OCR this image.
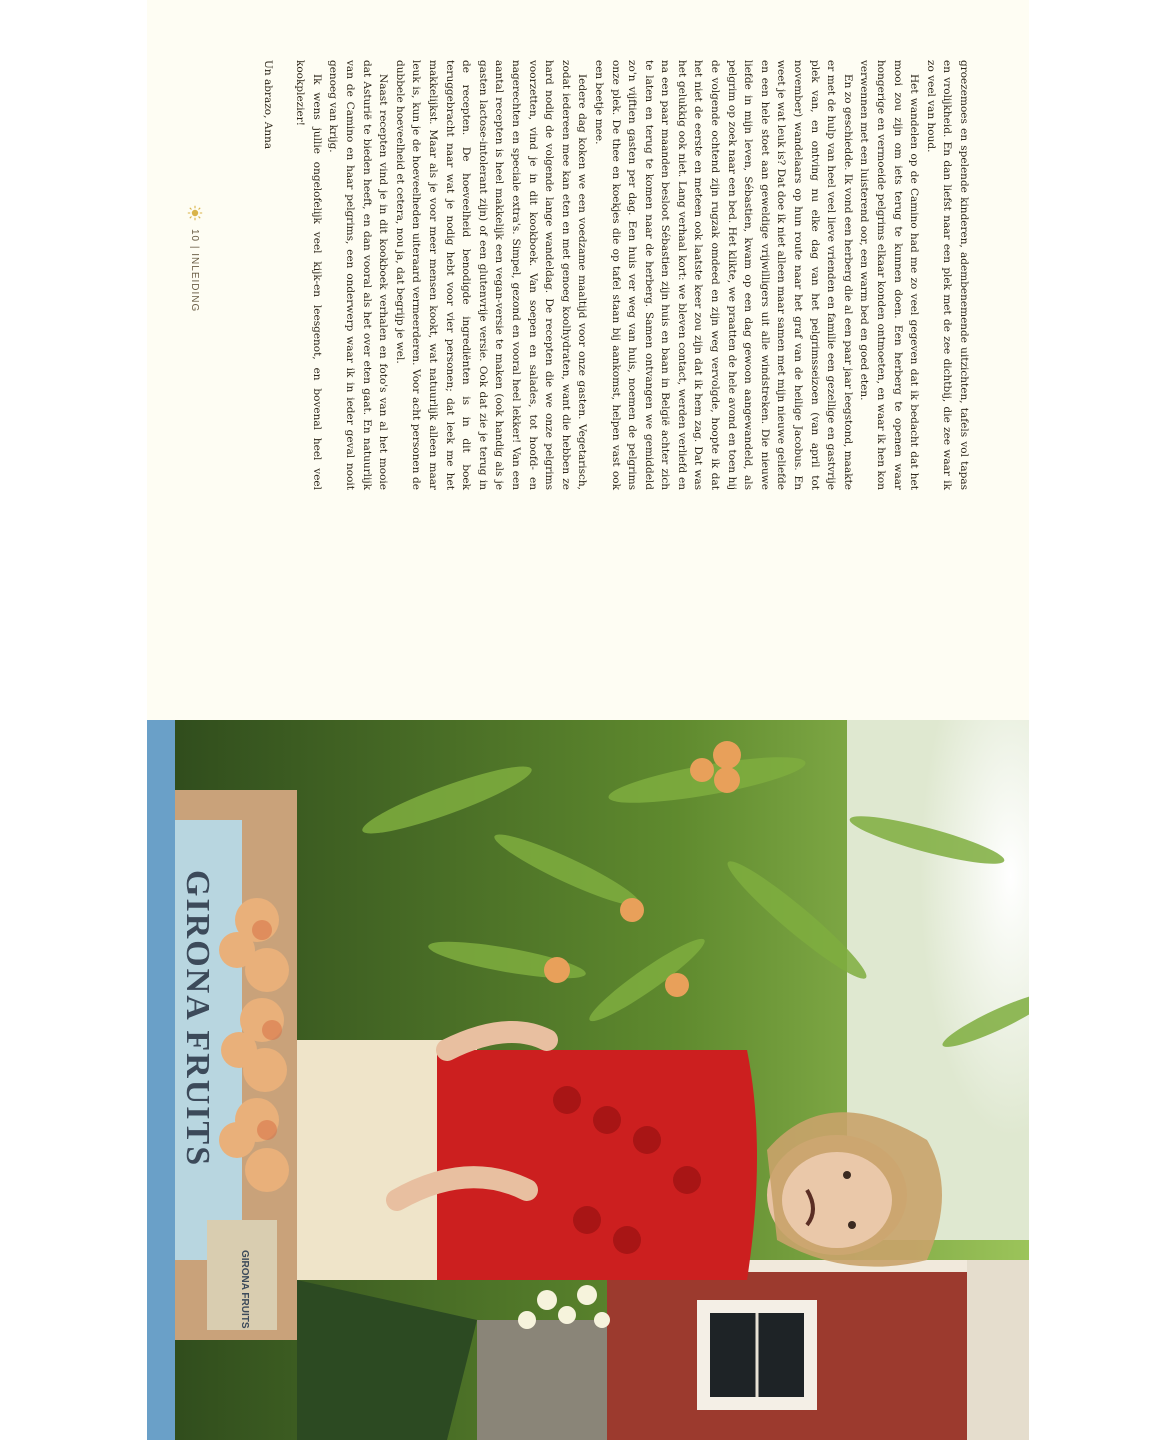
groezemoes en spelende kinderen, adembenemende uitzichten, tafels vol tapas en vrolijkheid. En dan liefst naar een plek met de zee dichtbij, die zee waar ik zo veel van houd.

Het wandelen op de Camino had me zo veel gegeven dat ik bedacht dat het mooi zou zijn om iets terug te kunnen doen. Een herberg te openen waar hongerige en vermoeide pelgrims elkaar konden ontmoeten, en waar ik hen kon verwennen met een luisterend oor, een warm bed en goed eten.

En zo geschiedde. Ik vond een herberg die al een paar jaar leegstond, maakte er met de hulp van heel veel lieve vrienden en familie een gezellige en gastvrije plek van, en ontving nu elke dag van het pelgrimsseizoen (van april tot november) wandelaars op hun route naar het graf van de heilige Jacobus. En weet je wat leuk is? Dat doe ik niet alleen maar samen met mijn nieuwe geliefde en een hele stoet aan geweldige vrijwilligers uit alle windstreken. Die nieuwe liefde in mijn leven, Sébastien, kwam op een dag gewoon aangewandeld, als pelgrim op zoek naar een bed. Het klikte, we praatten de hele avond en toen hij de volgende ochtend zijn rugzak omdeed en zijn weg vervolgde, hoopte ik dat het niet de eerste en meteen ook laatste keer zou zijn dat ik hem zag. Dat was het gelukkig ook niet. Lang verhaal kort: we bleven contact, werden verliefd en na een paar maanden besloot Sébastien zijn huis en baan in België achter zich te laten en terug te komen naar de herberg. Samen ontvangen we gemiddeld zo'n vijftien gasten per dag. Een huis ver weg van huis, noemen de pelgrims onze plek. De thee en koekjes die op tafel staan bij aankomst, helpen vast ook een beetje mee.

Iedere dag koken we een voedzame maaltijd voor onze gasten. Vegetarisch, zodat iedereen mee kan eten en met genoeg koolhydraten, want die hebben ze hard nodig de volgende lange wandeldag. De recepten die we onze pelgrims voorzetten, vind je in dit kookboek. Van soepen en salades, tot hoofd- en nagerechten en speciale extra's. Simpel, gezond en vooral heel lekker! Van een aantal recepten is heel makkelijk een vegan-versie te maken (ook handig als je gasten lactose-intolerant zijn) of een glutenvrije versie. Ook dat zie je terug in de recepten. De hoeveelheid benodigde ingrediënten is in dit boek teruggebracht naar wat je nodig hebt voor vier personen; dat leek me het makkelijkst. Maar als je voor meer mensen kookt, wat natuurlijk alleen maar leuk is, kun je de hoeveelheden uiteraard vermeerderen. Voor acht personen de dubbele hoeveelheid et cetera, nou ja, dat begrijp je wel.

Naast recepten vind je in dit kookboek verhalen en foto's van al het mooie dat Asturië te bieden heeft, en dan vooral als het over eten gaat. En natuurlijk van de Camino en haar pelgrims, een onderwerp waar ik in ieder geval nooit genoeg van krijg.

Ik wens jullie ongelofelijk veel kijk-en leesgenot, en bovenal heel veel kookplezier!

Un abrazo, Anna

10 | INLEIDING
GIRONA FRUITS
GIRONA FRUITS
